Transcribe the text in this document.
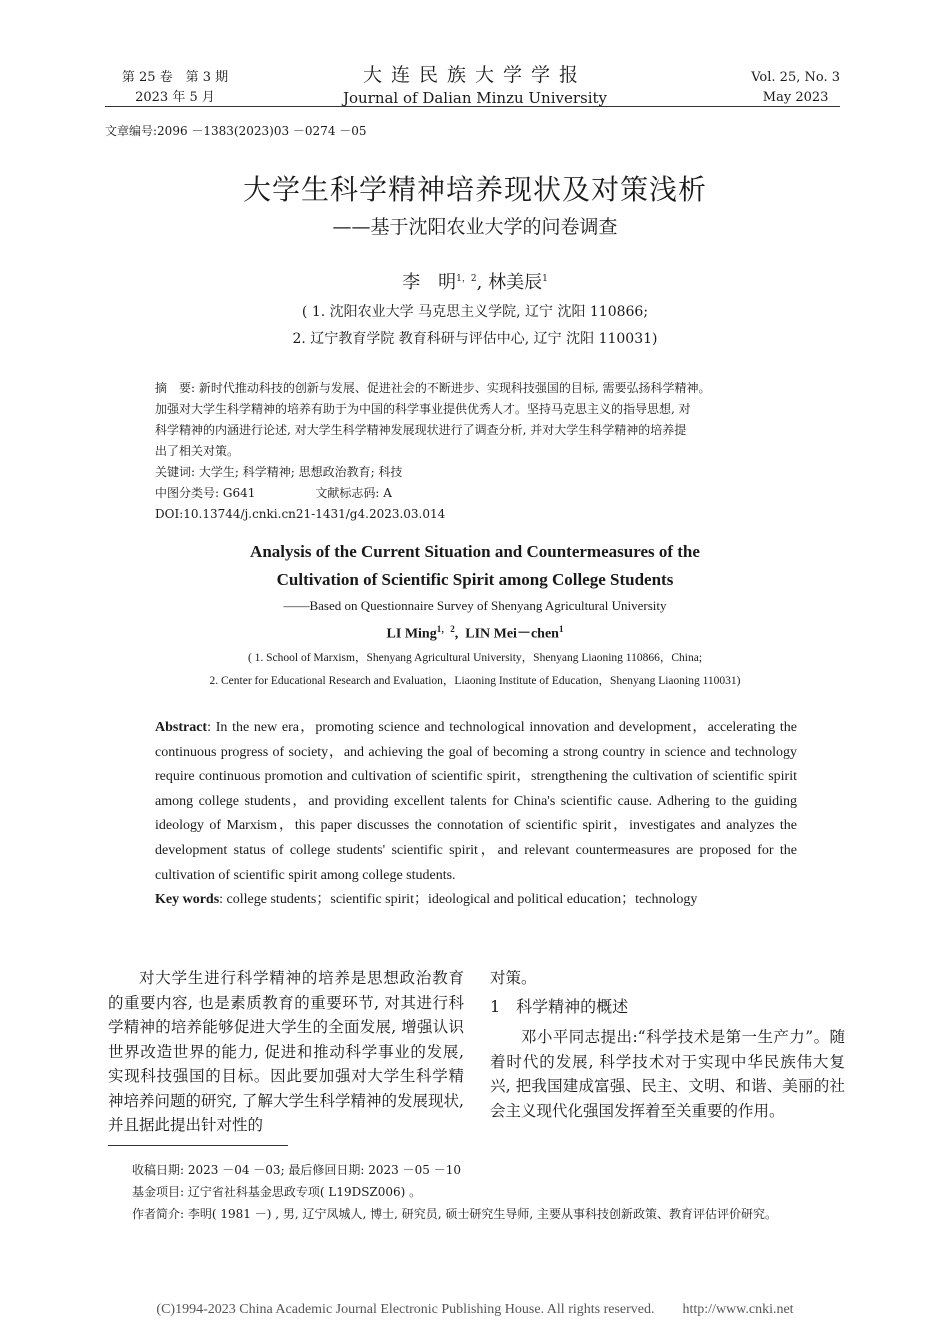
第 25 卷　第 3 期
2023 年 5 月
大连民族大学学报
Journal of Dalian Minzu University
Vol. 25, No. 3
May 2023
文章编号:2096 －1383(2023)03 －0274 －05
大学生科学精神培养现状及对策浅析
——基于沈阳农业大学的问卷调查
李　明$^{1,2}$, 林美辰$^1$
( 1. 沈阳农业大学 马克思主义学院, 辽宁 沈阳 110866;
2. 辽宁教育学院 教育科研与评估中心, 辽宁 沈阳 110031)
摘　要: 新时代推动科技的创新与发展、促进社会的不断进步、实现科技强国的目标, 需要弘扬科学精神。
加强对大学生科学精神的培养有助于为中国的科学事业提供优秀人才。坚持马克思主义的指导思想, 对
科学精神的内涵进行论述, 对大学生科学精神发展现状进行了调查分析, 并对大学生科学精神的培养提
出了相关对策。
关键词: 大学生; 科学精神; 思想政治教育; 科技
中图分类号: G641	文献标志码: A
DOI:10.13744/j.cnki.cn21-1431/g4.2023.03.014
Analysis of the Current Situation and Countermeasures of the
Cultivation of Scientific Spirit among College Students
——Based on Questionnaire Survey of Shenyang Agricultural University
LI Ming$^{1,2}$,  LIN Mei－chen$^1$
( 1. School of Marxism，Shenyang Agricultural University，Shenyang Liaoning 110866，China;
2. Center for Educational Research and Evaluation，Liaoning Institute of Education，Shenyang Liaoning 110031)
Abstract: In the new era，promoting science and technological innovation and development，accelerating the continuous progress of society，and achieving the goal of becoming a strong country in science and technology require continuous promotion and cultivation of scientific spirit，strengthening the cultivation of scientific spirit among college students，and providing excellent talents for China's scientific cause. Adhering to the guiding ideology of Marxism，this paper discusses the connotation of scientific spirit，investigates and analyzes the development status of college students' scientific spirit，and relevant countermeasures are proposed for the cultivation of scientific spirit among college students.
Key words: college students；scientific spirit；ideological and political education；technology
对大学生进行科学精神的培养是思想政治教育的重要内容, 也是素质教育的重要环节, 对其进行科学精神的培养能够促进大学生的全面发展, 增强认识世界改造世界的能力, 促进和推动科学事业的发展, 实现科技强国的目标。因此要加强对大学生科学精神培养问题的研究, 了解大学生科学精神的发展现状, 并且据此提出针对性的
对策。
1　科学精神的概述
邓小平同志提出:“科学技术是第一生产力”。随着时代的发展, 科学技术对于实现中华民族伟大复兴, 把我国建成富强、民主、文明、和谐、美丽的社会主义现代化强国发挥着至关重要的作用。
收稿日期: 2023 －04 －03; 最后修回日期: 2023 －05 －10
基金项目: 辽宁省社科基金思政专项( L19DSZ006) 。
作者简介: 李明( 1981 －) , 男, 辽宁凤城人, 博士, 研究员, 硕士研究生导师, 主要从事科技创新政策、教育评估评价研究。
(C)1994-2023 China Academic Journal Electronic Publishing House. All rights reserved.　　http://www.cnki.net
